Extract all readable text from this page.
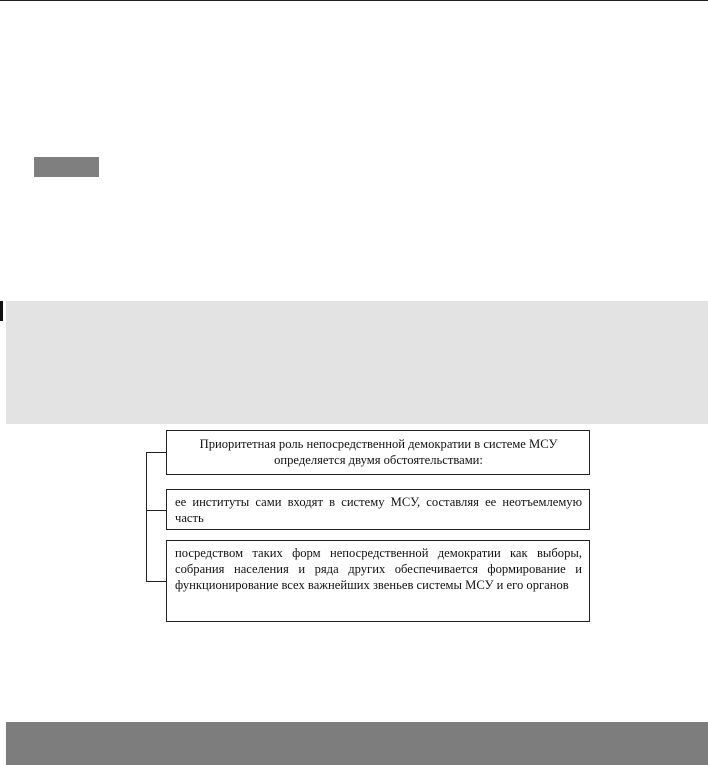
Приоритетная роль непосредственной демократии в системе МСУ определяется двумя обстоятельствами:
ее институты сами входят в систему МСУ, составляя ее неотъемлемую часть
посредством таких форм непосредственной демократии как выборы, собрания населения и ряда других обеспечивается формирование и функционирование всех важнейших звеньев системы МСУ и его органов
